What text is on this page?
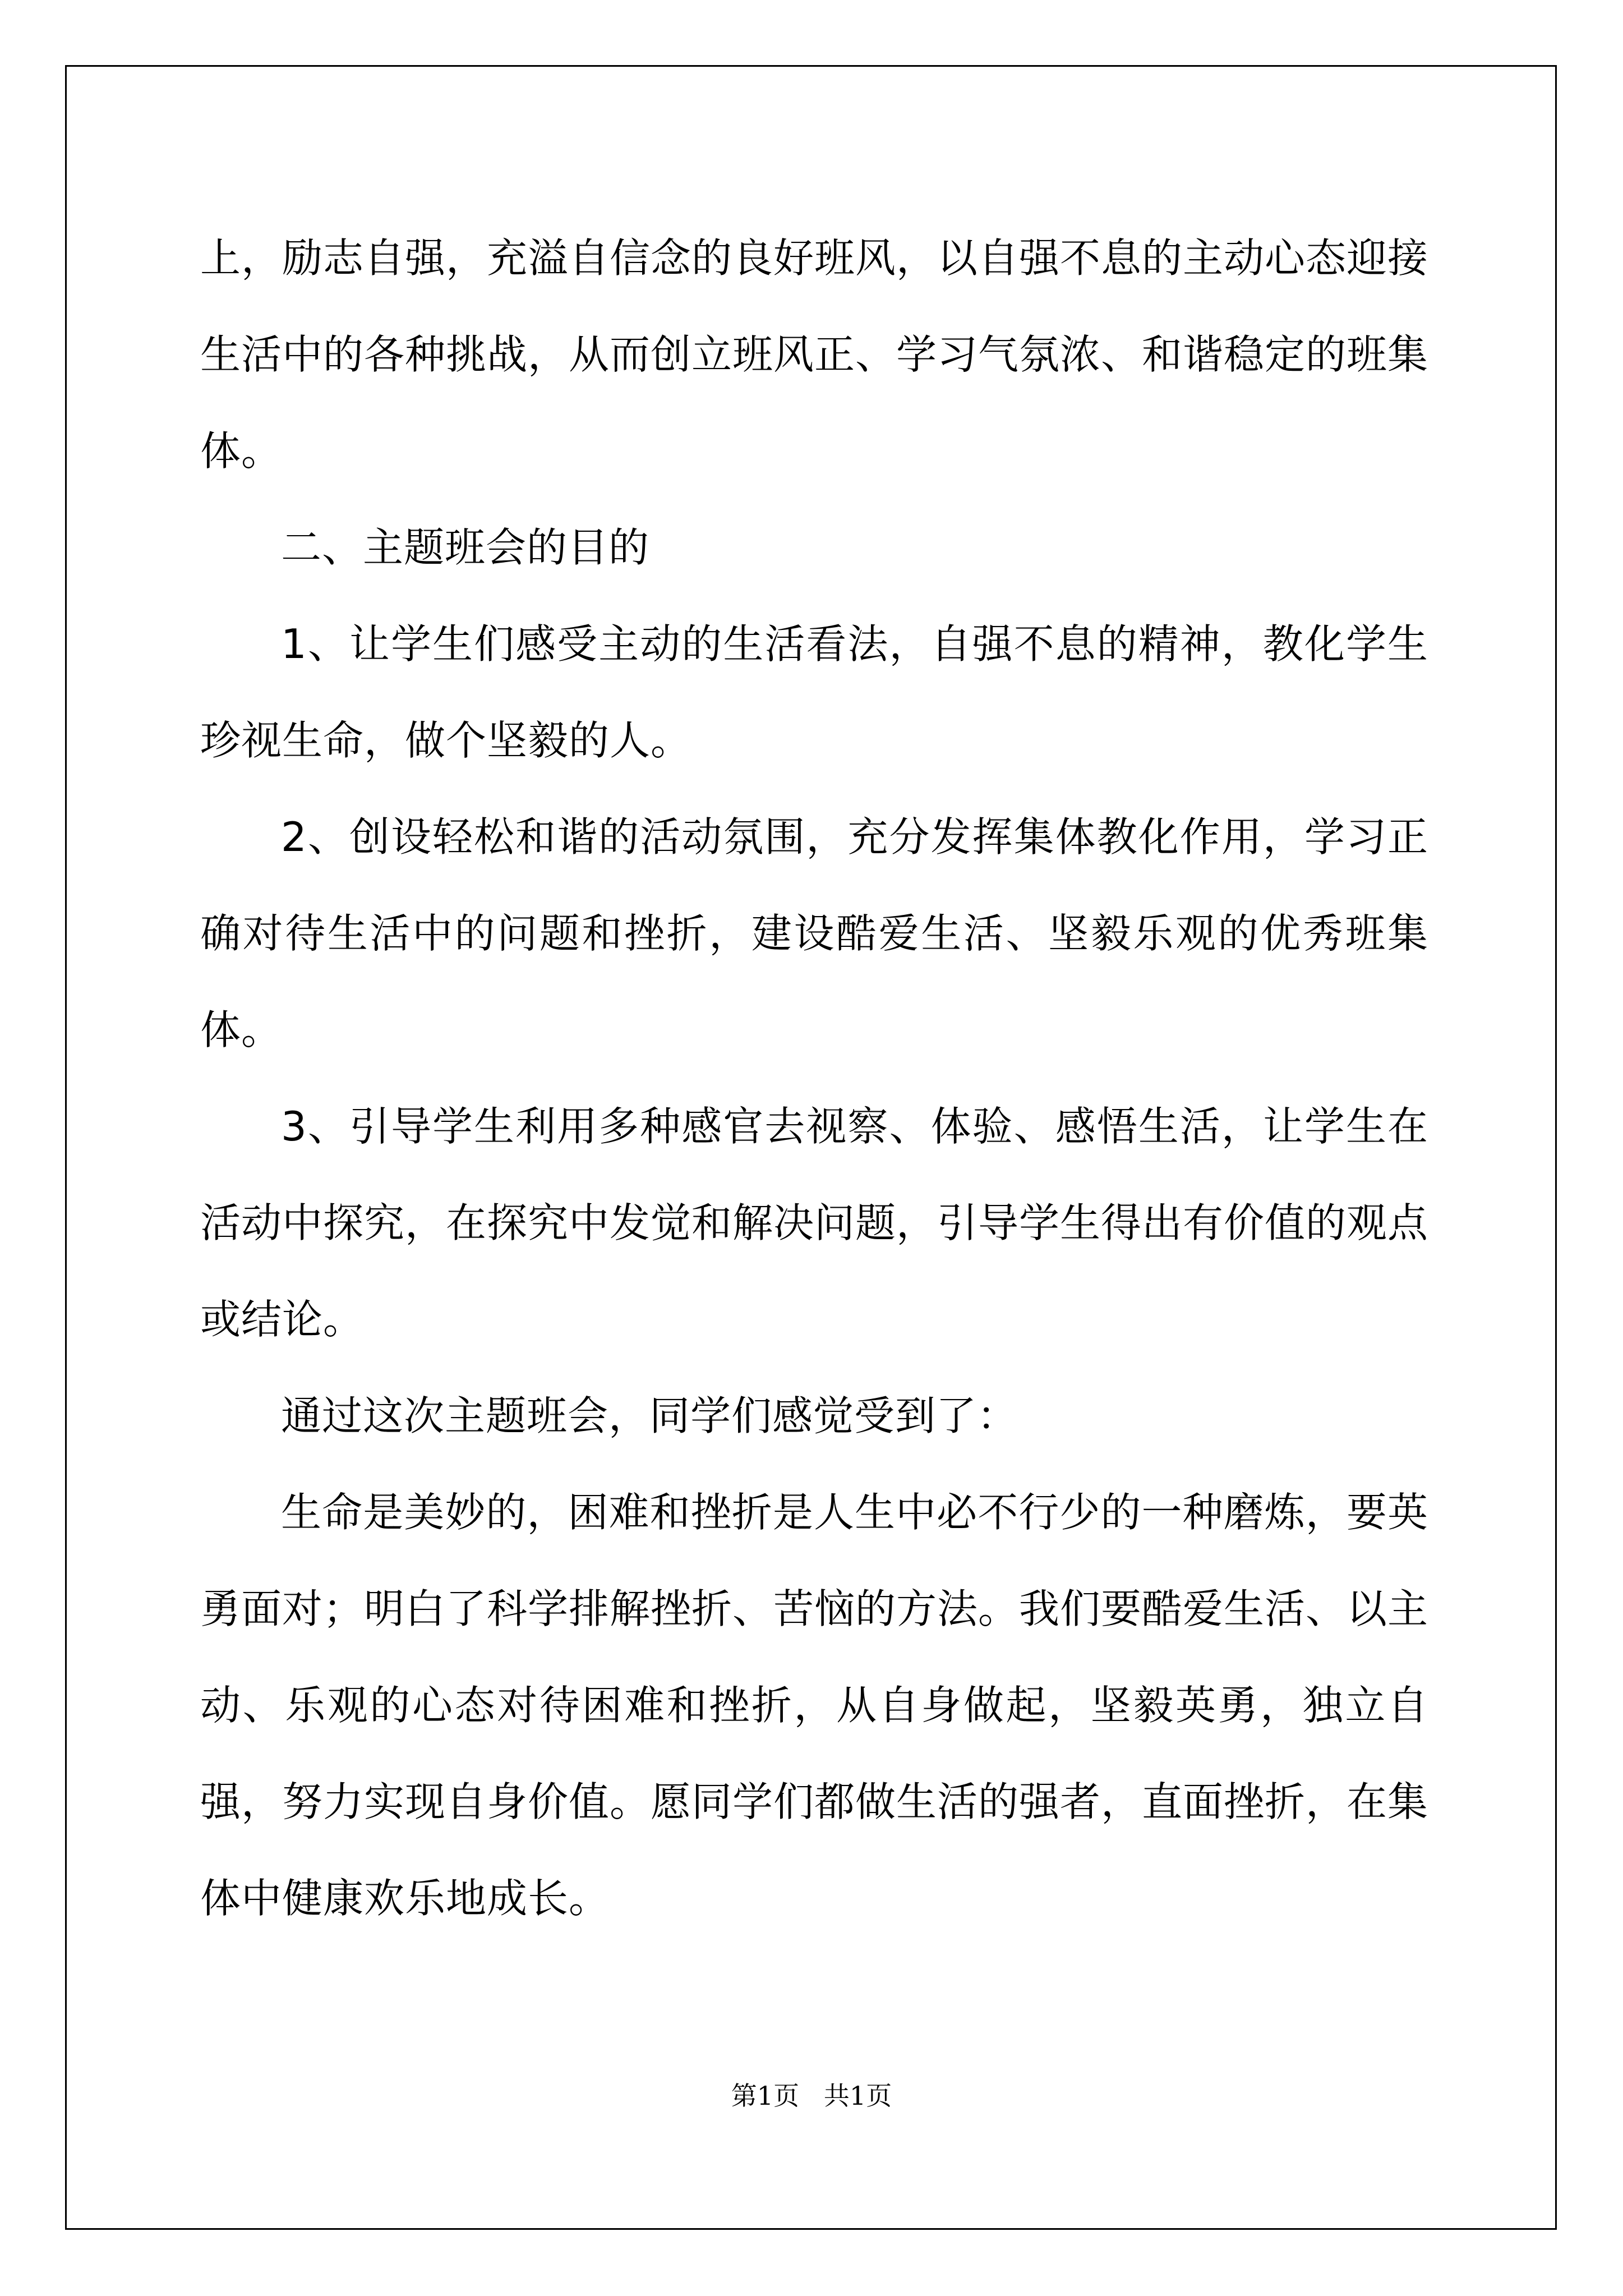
上，励志自强，充溢自信念的良好班风，以自强不息的主动心态迎接生活中的各种挑战，从而创立班风正、学习气氛浓、和谐稳定的班集体。

二、主题班会的目的

1、让学生们感受主动的生活看法，自强不息的精神，教化学生珍视生命，做个坚毅的人。

2、创设轻松和谐的活动氛围，充分发挥集体教化作用，学习正确对待生活中的问题和挫折，建设酷爱生活、坚毅乐观的优秀班集体。

3、引导学生利用多种感官去视察、体验、感悟生活，让学生在活动中探究，在探究中发觉和解决问题，引导学生得出有价值的观点或结论。

通过这次主题班会，同学们感觉受到了：

生命是美妙的，困难和挫折是人生中必不行少的一种磨炼，要英勇面对；明白了科学排解挫折、苦恼的方法。我们要酷爱生活、以主动、乐观的心态对待困难和挫折，从自身做起，坚毅英勇，独立自强，努力实现自身价值。愿同学们都做生活的强者，直面挫折，在集体中健康欢乐地成长。

第1页   共1页
